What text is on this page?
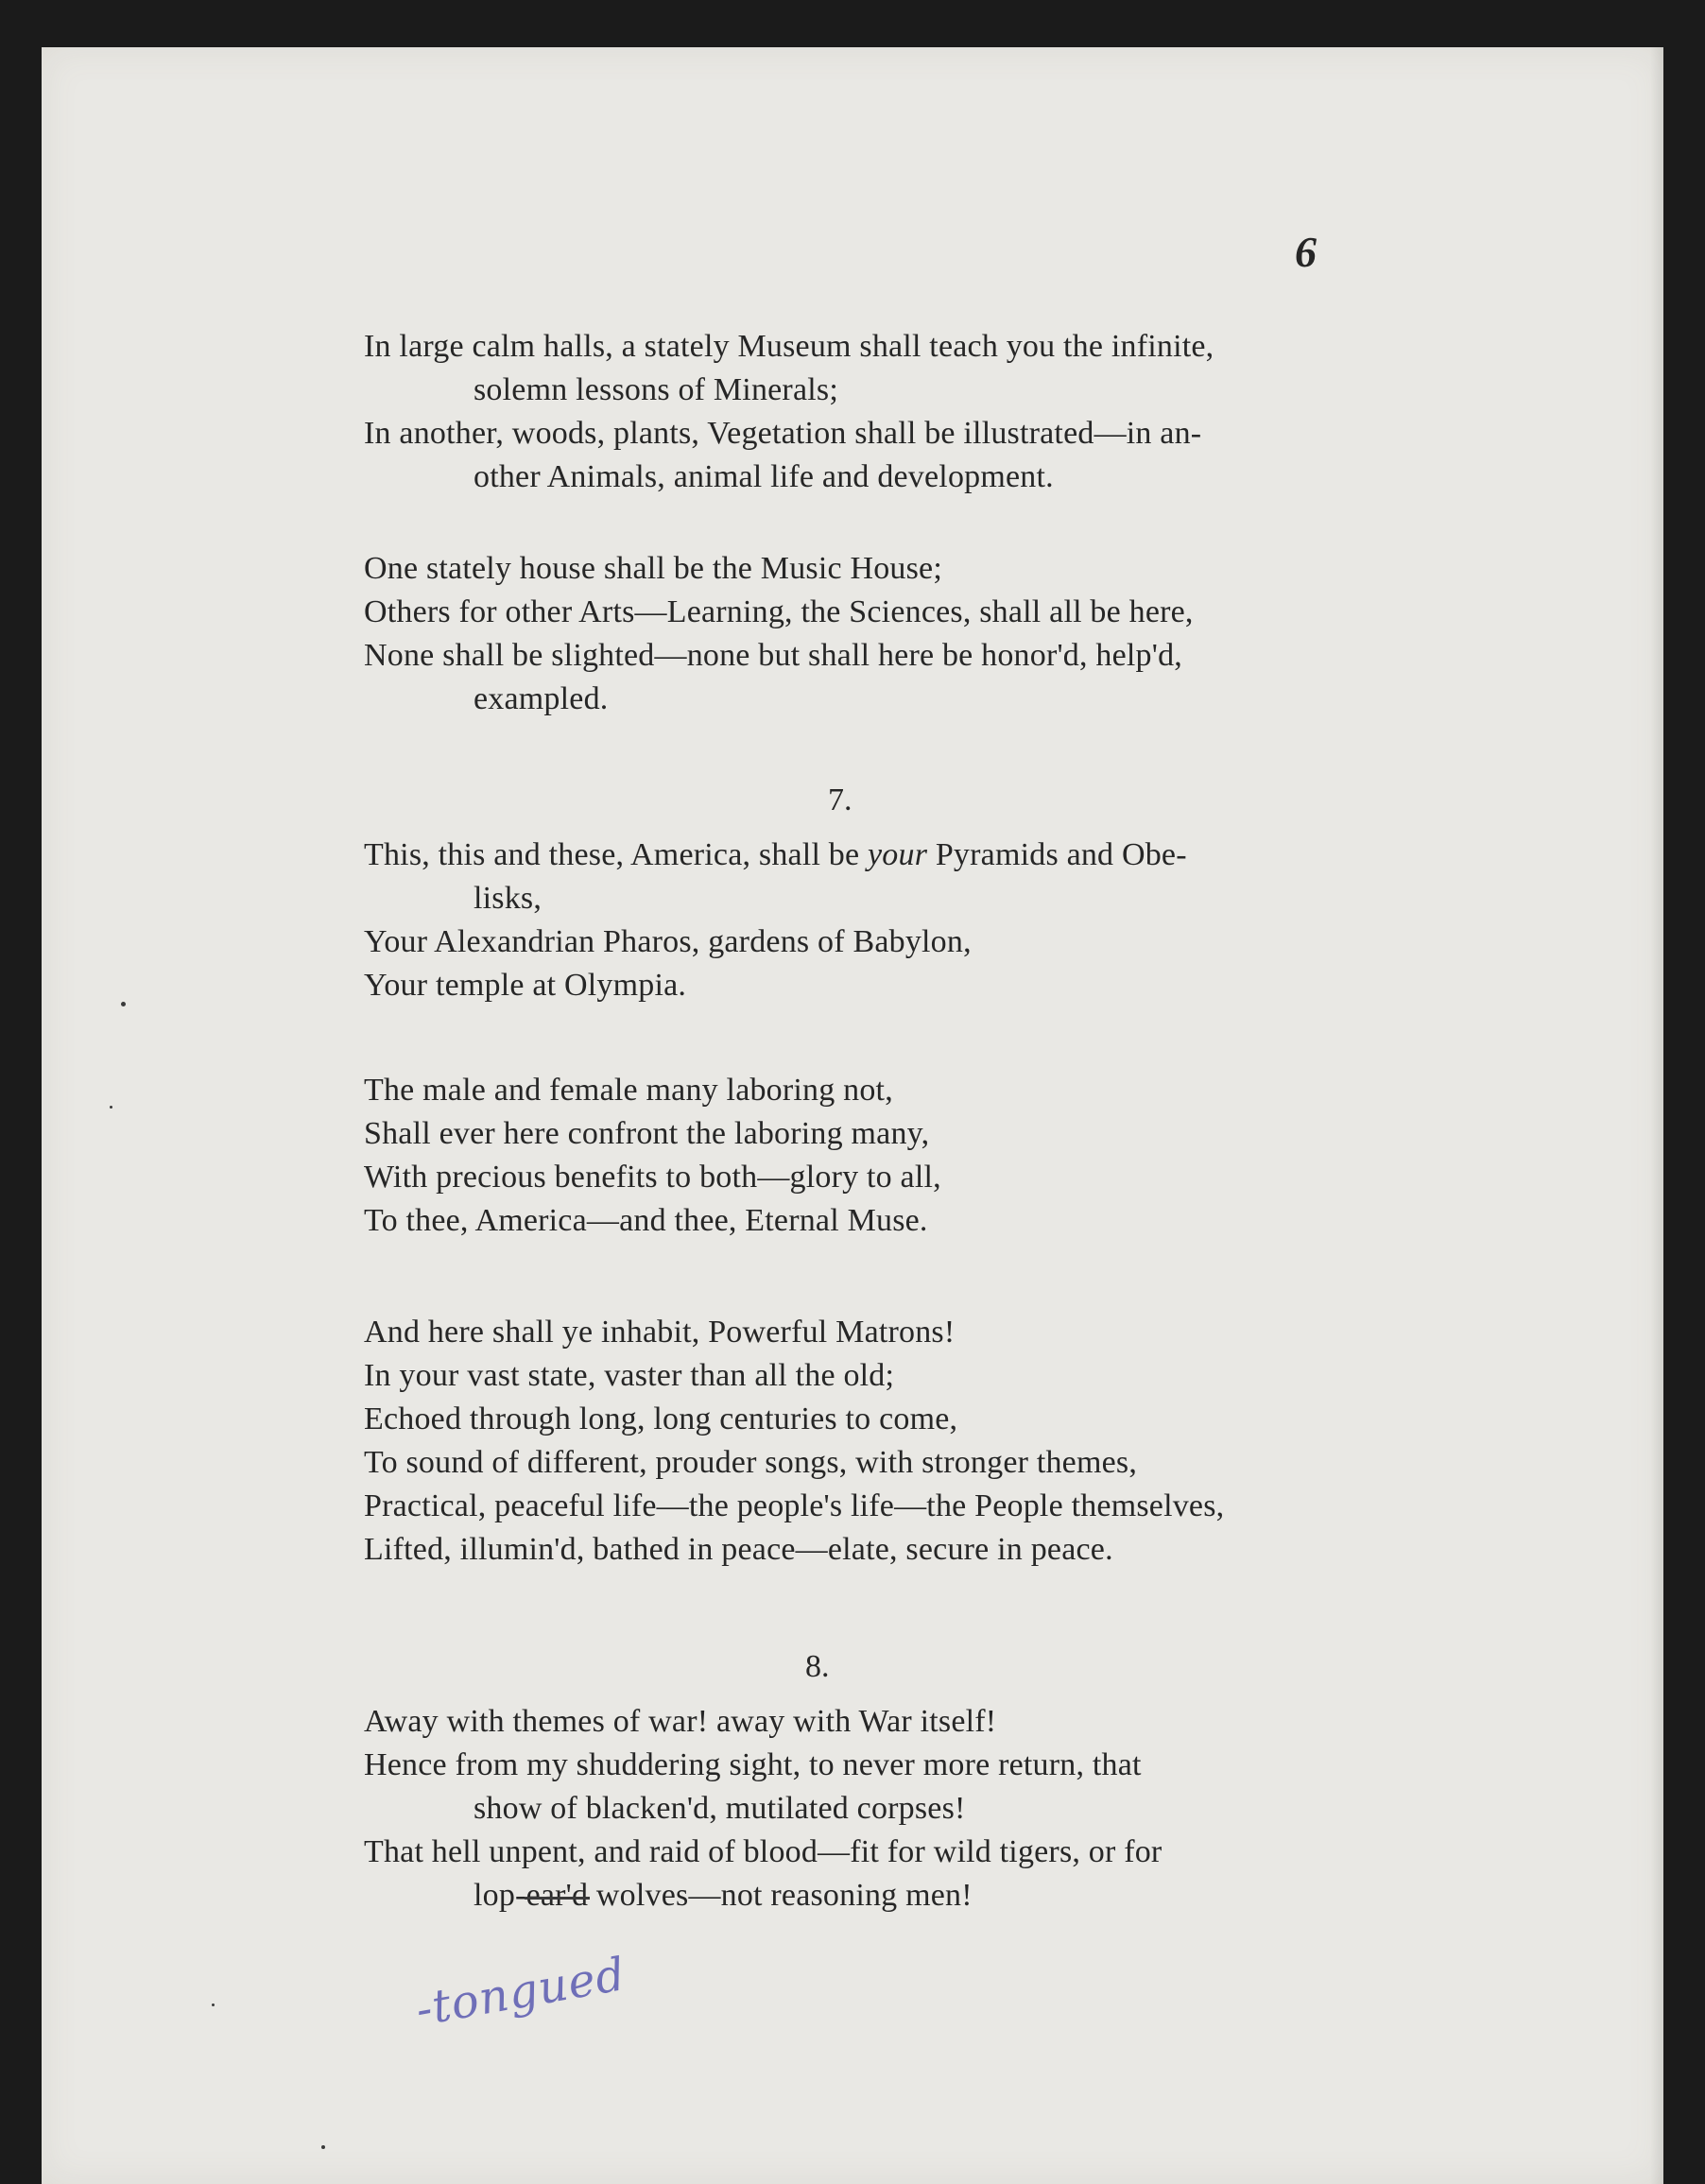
6
In large calm halls, a stately Museum shall teach you the infinite,
solemn lessons of Minerals;
In another, woods, plants, Vegetation shall be illustrated—in an-
other Animals, animal life and development.
One stately house shall be the Music House;
Others for other Arts—Learning, the Sciences, shall all be here,
None shall be slighted—none but shall here be honor'd, help'd,
exampled.
7.
This, this and these, America, shall be your Pyramids and Obe-
lisks,
Your Alexandrian Pharos, gardens of Babylon,
Your temple at Olympia.
The male and female many laboring not,
Shall ever here confront the laboring many,
With precious benefits to both—glory to all,
To thee, America—and thee, Eternal Muse.
And here shall ye inhabit, Powerful Matrons!
In your vast state, vaster than all the old;
Echoed through long, long centuries to come,
To sound of different, prouder songs, with stronger themes,
Practical, peaceful life—the people's life—the People themselves,
Lifted, illumin'd, bathed in peace—elate, secure in peace.
8.
Away with themes of war! away with War itself!
Hence from my shuddering sight, to never more return, that
show of blacken'd, mutilated corpses!
That hell unpent, and raid of blood—fit for wild tigers, or for
lop-ear'd wolves—not reasoning men!
-tongued
